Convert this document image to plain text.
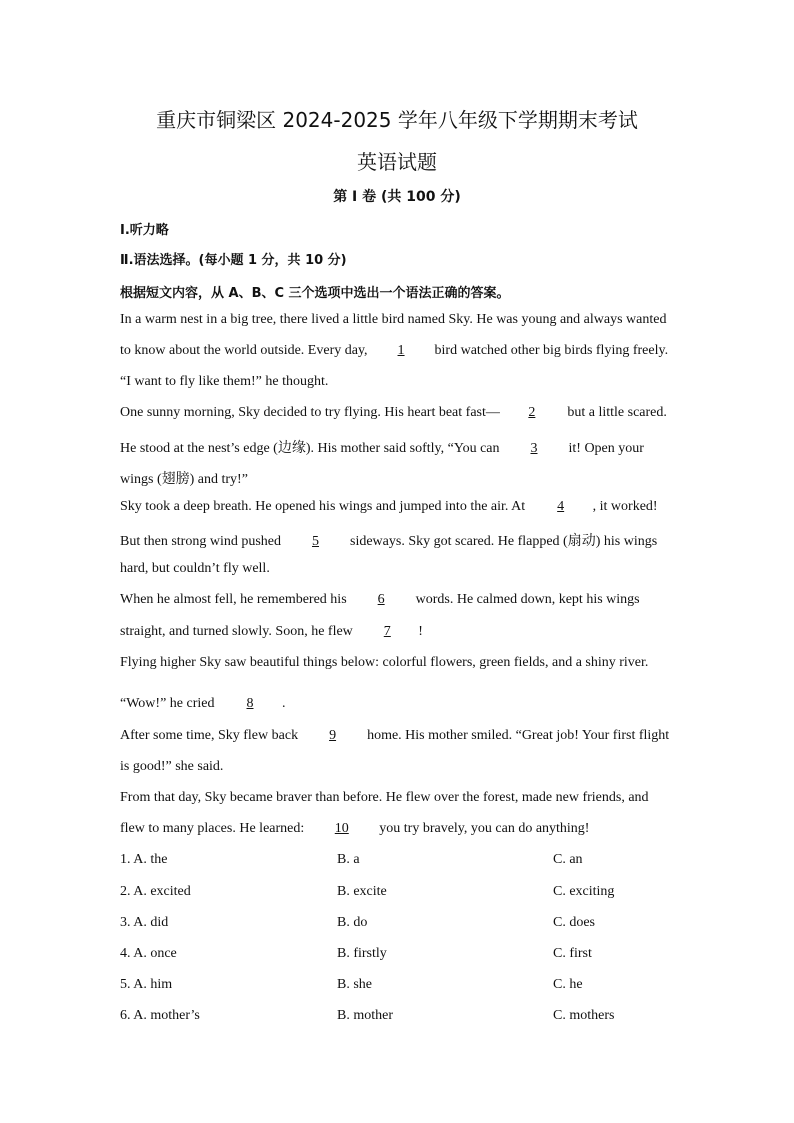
重庆市铜梁区 2024-2025 学年八年级下学期期末考试
英语试题
第 I 卷 (共 100 分)
Ⅰ.听力略
Ⅱ.语法选择。(每小题 1 分，共 10 分)
根据短文内容，从 A、B、C 三个选项中选出一个语法正确的答案。
In a warm nest in a big tree, there lived a little bird named Sky. He was young and always wanted
to know about the world outside. Every day, 1 bird watched other big birds flying freely.
“I want to fly like them!” he thought.
One sunny morning, Sky decided to try flying. His heart beat fast— 2 but a little scared.
He stood at the nest’s edge (边缘). His mother said softly, “You can 3 it! Open your
wings (翅膀) and try!”
Sky took a deep breath. He opened his wings and jumped into the air. At 4 , it worked!
But then strong wind pushed 5 sideways. Sky got scared. He flapped (扇动) his wings
hard, but couldn’t fly well.
When he almost fell, he remembered his 6 words. He calmed down, kept his wings
straight, and turned slowly. Soon, he flew 7 !
Flying higher Sky saw beautiful things below: colorful flowers, green fields, and a shiny river.
“Wow!” he cried 8 .
After some time, Sky flew back 9 home. His mother smiled. “Great job! Your first flight
is good!” she said.
From that day, Sky became braver than before. He flew over the forest, made new friends, and
flew to many places. He learned: 10 you try bravely, you can do anything!
1. A. the	B. a	C. an
2. A. excited	B. excite	C. exciting
3. A. did	B. do	C. does
4. A. once	B. firstly	C. first
5. A. him	B. she	C. he
6. A. mother’s	B. mother	C. mothers
